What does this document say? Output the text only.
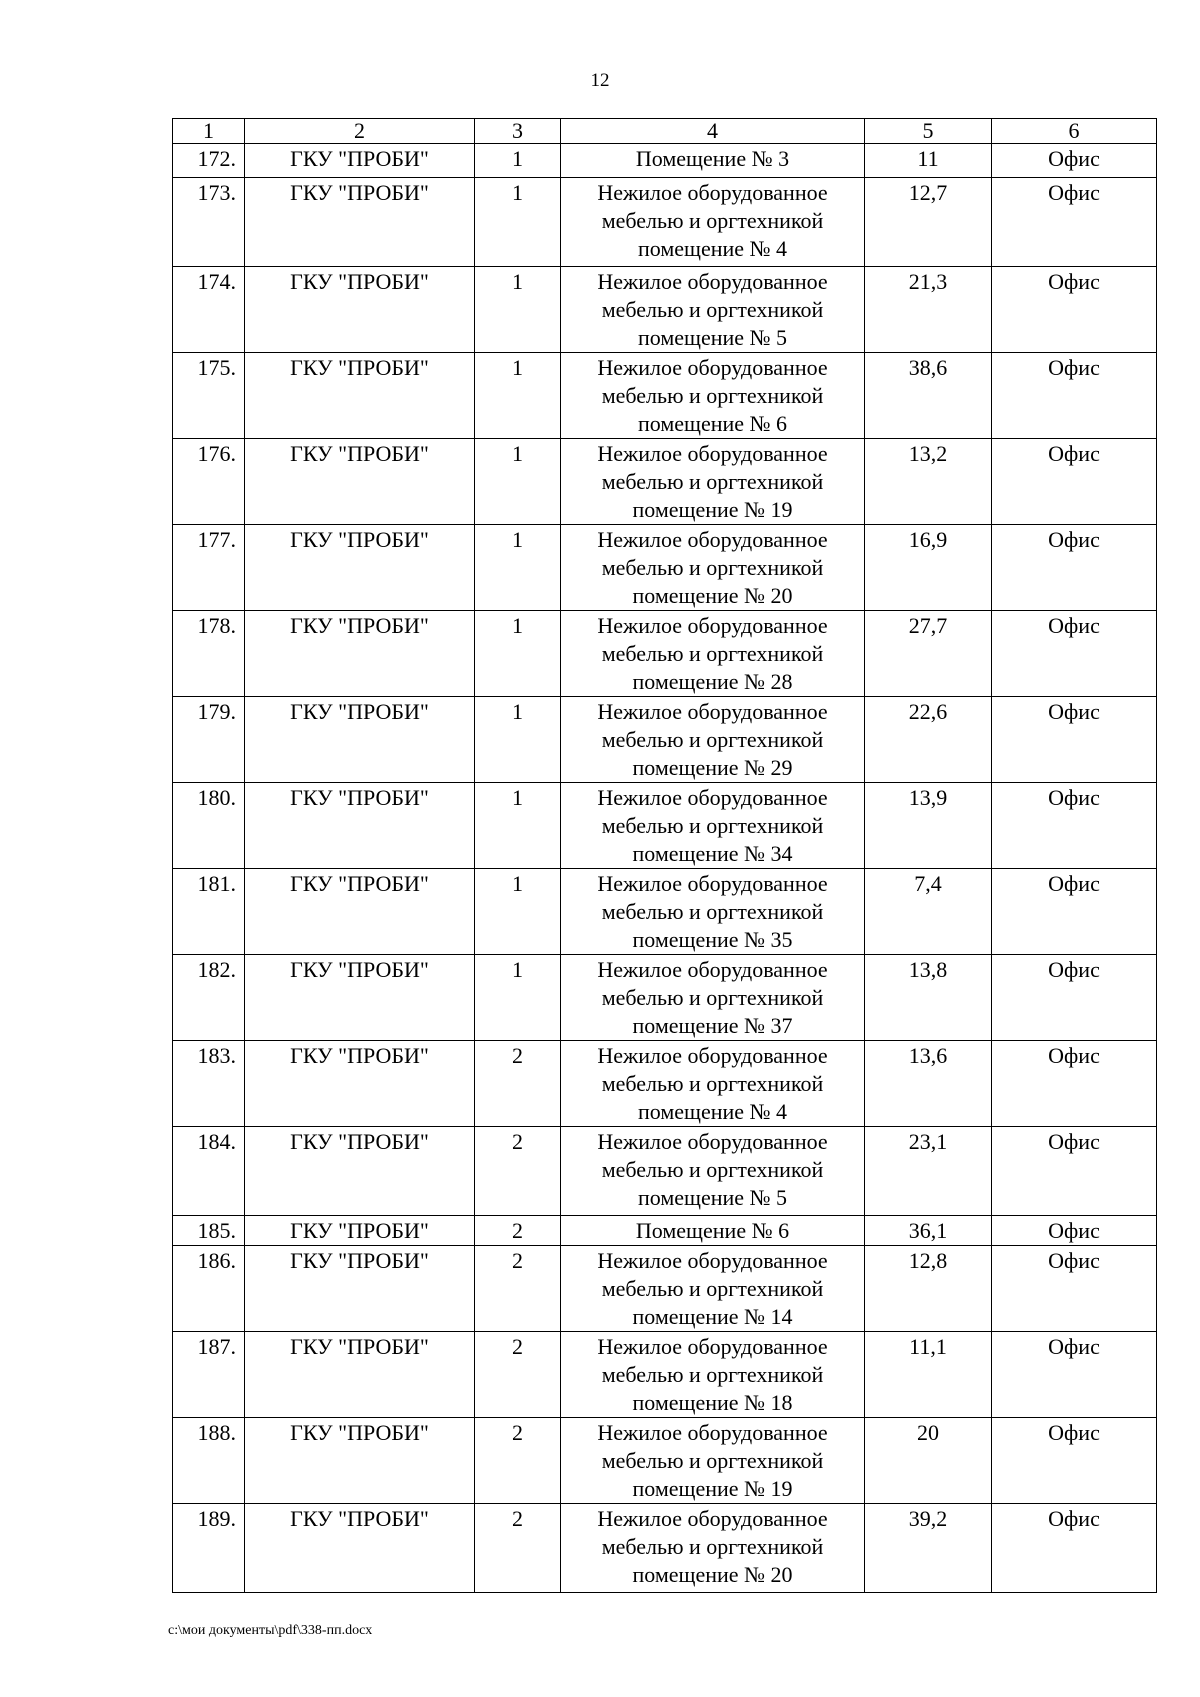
12
1	2	3	4	5	6
172.	ГКУ "ПРОБИ"	1	Помещение № 3	11	Офис
173.	ГКУ "ПРОБИ"	1	Нежилое оборудованное
мебелью и оргтехникой
помещение № 4	12,7	Офис
174.	ГКУ "ПРОБИ"	1	Нежилое оборудованное
мебелью и оргтехникой
помещение № 5	21,3	Офис
175.	ГКУ "ПРОБИ"	1	Нежилое оборудованное
мебелью и оргтехникой
помещение № 6	38,6	Офис
176.	ГКУ "ПРОБИ"	1	Нежилое оборудованное
мебелью и оргтехникой
помещение № 19	13,2	Офис
177.	ГКУ "ПРОБИ"	1	Нежилое оборудованное
мебелью и оргтехникой
помещение № 20	16,9	Офис
178.	ГКУ "ПРОБИ"	1	Нежилое оборудованное
мебелью и оргтехникой
помещение № 28	27,7	Офис
179.	ГКУ "ПРОБИ"	1	Нежилое оборудованное
мебелью и оргтехникой
помещение № 29	22,6	Офис
180.	ГКУ "ПРОБИ"	1	Нежилое оборудованное
мебелью и оргтехникой
помещение № 34	13,9	Офис
181.	ГКУ "ПРОБИ"	1	Нежилое оборудованное
мебелью и оргтехникой
помещение № 35	7,4	Офис
182.	ГКУ "ПРОБИ"	1	Нежилое оборудованное
мебелью и оргтехникой
помещение № 37	13,8	Офис
183.	ГКУ "ПРОБИ"	2	Нежилое оборудованное
мебелью и оргтехникой
помещение № 4	13,6	Офис
184.	ГКУ "ПРОБИ"	2	Нежилое оборудованное
мебелью и оргтехникой
помещение № 5	23,1	Офис
185.	ГКУ "ПРОБИ"	2	Помещение № 6	36,1	Офис
186.	ГКУ "ПРОБИ"	2	Нежилое оборудованное
мебелью и оргтехникой
помещение № 14	12,8	Офис
187.	ГКУ "ПРОБИ"	2	Нежилое оборудованное
мебелью и оргтехникой
помещение № 18	11,1	Офис
188.	ГКУ "ПРОБИ"	2	Нежилое оборудованное
мебелью и оргтехникой
помещение № 19	20	Офис
189.	ГКУ "ПРОБИ"	2	Нежилое оборудованное
мебелью и оргтехникой
помещение № 20	39,2	Офис
c:\мои документы\pdf\338-пп.docx
